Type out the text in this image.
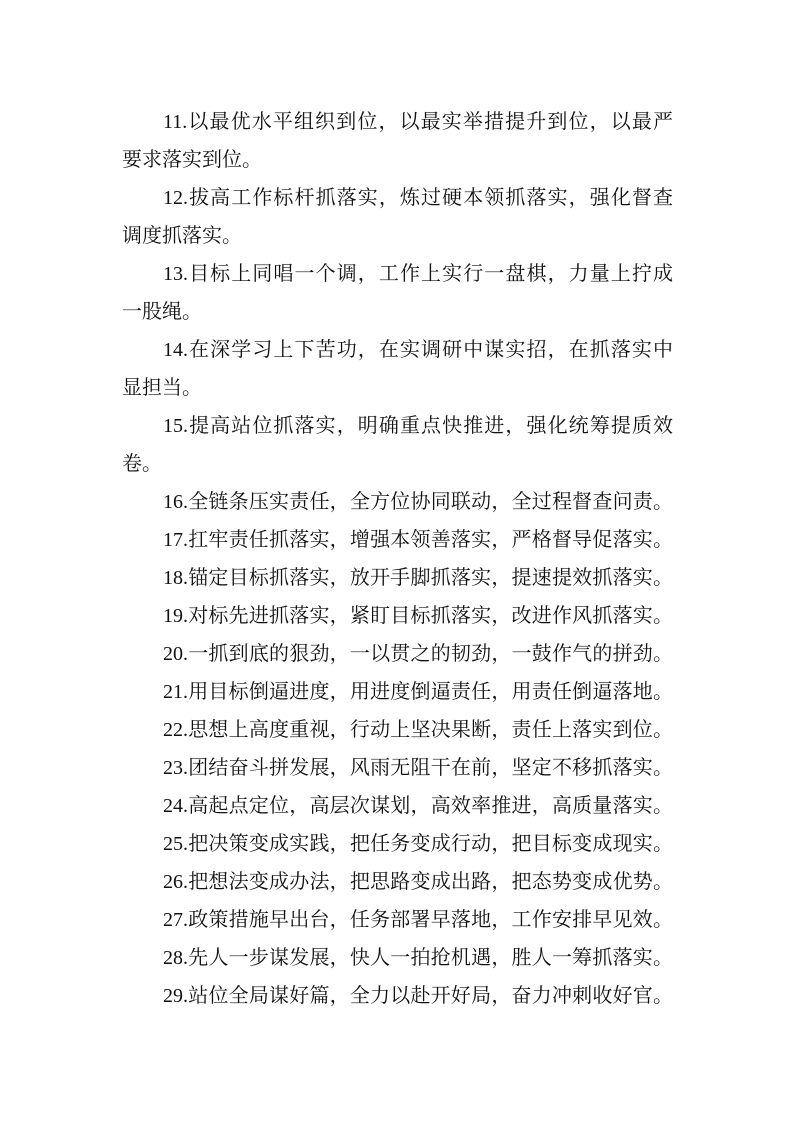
11.以最优水平组织到位，以最实举措提升到位，以最严
要求落实到位。
12.拔高工作标杆抓落实，炼过硬本领抓落实，强化督查
调度抓落实。
13.目标上同唱一个调，工作上实行一盘棋，力量上拧成
一股绳。
14.在深学习上下苦功，在实调研中谋实招，在抓落实中
显担当。
15.提高站位抓落实，明确重点快推进，强化统筹提质效
卷。
16.全链条压实责任，全方位协同联动，全过程督查问责。
17.扛牢责任抓落实，增强本领善落实，严格督导促落实。
18.锚定目标抓落实，放开手脚抓落实，提速提效抓落实。
19.对标先进抓落实，紧盯目标抓落实，改进作风抓落实。
20.一抓到底的狠劲，一以贯之的韧劲，一鼓作气的拼劲。
21.用目标倒逼进度，用进度倒逼责任，用责任倒逼落地。
22.思想上高度重视，行动上坚决果断，责任上落实到位。
23.团结奋斗拼发展，风雨无阻干在前，坚定不移抓落实。
24.高起点定位，高层次谋划，高效率推进，高质量落实。
25.把决策变成实践，把任务变成行动，把目标变成现实。
26.把想法变成办法，把思路变成出路，把态势变成优势。
27.政策措施早出台，任务部署早落地，工作安排早见效。
28.先人一步谋发展，快人一拍抢机遇，胜人一筹抓落实。
29.站位全局谋好篇，全力以赴开好局，奋力冲刺收好官。
